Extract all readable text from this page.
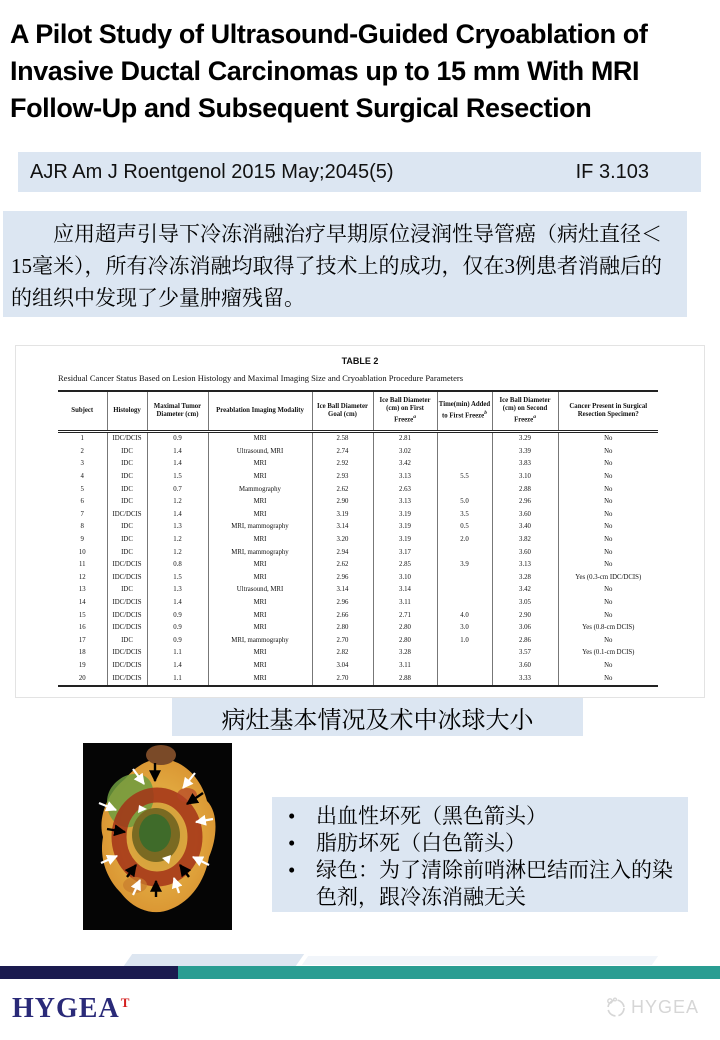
A Pilot Study of Ultrasound-Guided Cryoablation of Invasive Ductal Carcinomas up to 15 mm With MRI Follow-Up and Subsequent Surgical Resection
AJR Am J Roentgenol 2015 May;2045(5)	IF 3.103
应用超声引导下冷冻消融治疗早期原位浸润性导管癌（病灶直径＜15毫米），所有冷冻消融均取得了技术上的成功，仅在3例患者消融后的的组织中发现了少量肿瘤残留。
TABLE 2
Residual Cancer Status Based on Lesion Histology and Maximal Imaging Size and Cryoablation Procedure Parameters
Subject	Histology	Maximal Tumor Diameter (cm)	Preablation Imaging Modality	Ice Ball Diameter Goal (cm)	Ice Ball Diameter (cm) on First Freeze$^a$	Time(min) Added to First Freeze$^b$	Ice Ball Diameter (cm) on Second Freeze$^a$	Cancer Present in Surgical Resection Specimen?
1	IDC/DCIS	0.9	MRI	2.58	2.81		3.29	No
2	IDC	1.4	Ultrasound, MRI	2.74	3.02		3.39	No
3	IDC	1.4	MRI	2.92	3.42		3.83	No
4	IDC	1.5	MRI	2.93	3.13	5.5	3.10	No
5	IDC	0.7	Mammography	2.62	2.63		2.88	No
6	IDC	1.2	MRI	2.90	3.13	5.0	2.96	No
7	IDC/DCIS	1.4	MRI	3.19	3.19	3.5	3.60	No
8	IDC	1.3	MRI, mammography	3.14	3.19	0.5	3.40	No
9	IDC	1.2	MRI	3.20	3.19	2.0	3.82	No
10	IDC	1.2	MRI, mammography	2.94	3.17		3.60	No
11	IDC/DCIS	0.8	MRI	2.62	2.85	3.9	3.13	No
12	IDC/DCIS	1.5	MRI	2.96	3.10		3.28	Yes (0.3-cm IDC/DCIS)
13	IDC	1.3	Ultrasound, MRI	3.14	3.14		3.42	No
14	IDC/DCIS	1.4	MRI	2.96	3.11		3.05	No
15	IDC/DCIS	0.9	MRI	2.66	2.71	4.0	2.90	No
16	IDC/DCIS	0.9	MRI	2.80	2.80	3.0	3.06	Yes (0.8-cm DCIS)
17	IDC	0.9	MRI, mammography	2.70	2.80	1.0	2.86	No
18	IDC/DCIS	1.1	MRI	2.82	3.28		3.57	Yes (0.1-cm DCIS)
19	IDC/DCIS	1.4	MRI	3.04	3.11		3.60	No
20	IDC/DCIS	1.1	MRI	2.70	2.88		3.33	No
病灶基本情况及术中冰球大小
• 出血性坏死（黑色箭头）
• 脂肪坏死（白色箭头）
• 绿色：为了清除前哨淋巴结而注入的染色剂，跟冷冻消融无关
$HYGEA^T$	HYGEA
